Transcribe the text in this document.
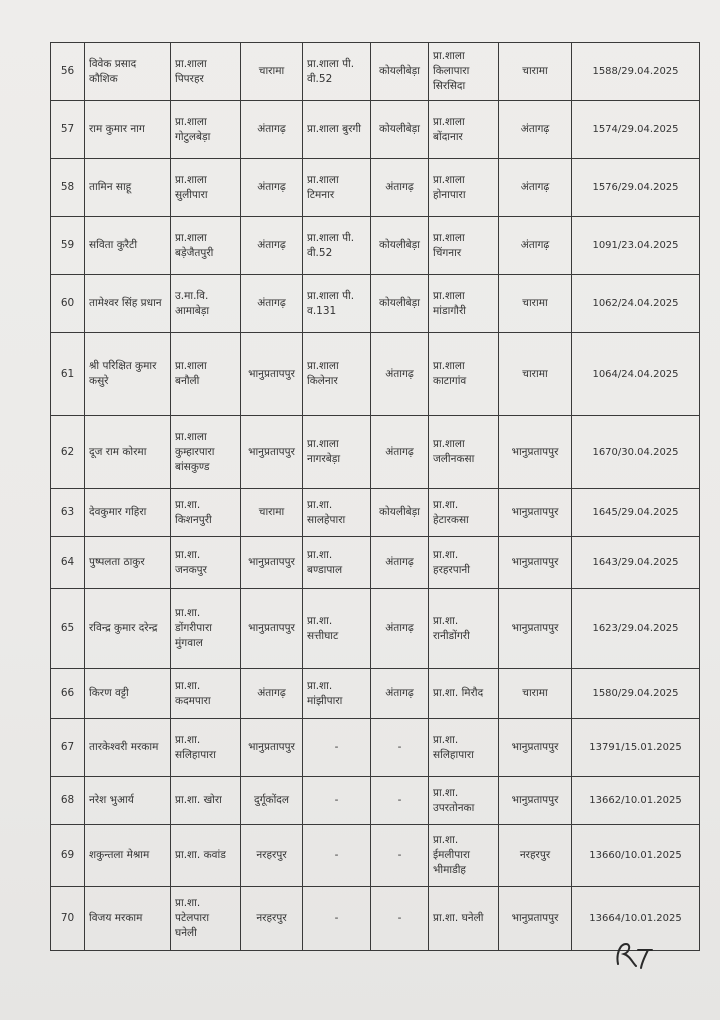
56	विवेक प्रसाद
कौशिक	प्रा.शाला
पिपरहर	चारामा	प्रा.शाला पी.
वी.52	कोयलीबेड़ा	प्रा.शाला
किलापारा
सिरसिदा	चारामा	1588/29.04.2025

57	राम कुमार नाग	प्रा.शाला
गोटुलबेड़ा	अंतागढ़	प्रा.शाला बुरगी	कोयलीबेड़ा	प्रा.शाला
बोंदानार	अंतागढ़	1574/29.04.2025

58	तामिन साहू	प्रा.शाला
सुलीपारा	अंतागढ़	प्रा.शाला
टिमनार	अंतागढ़	प्रा.शाला
होनापारा	अंतागढ़	1576/29.04.2025

59	सविता कुरैटी	प्रा.शाला
बड़ेजैतपुरी	अंतागढ़	प्रा.शाला पी.
वी.52	कोयलीबेड़ा	प्रा.शाला
चिंगनार	अंतागढ़	1091/23.04.2025

60	तामेश्वर सिंह प्रधान	उ.मा.वि.
आमाबेड़ा	अंतागढ़	प्रा.शाला पी.
व.131	कोयलीबेड़ा	प्रा.शाला
मांडागौरी	चारामा	1062/24.04.2025

61	श्री परिक्षित कुमार
कसुरे	प्रा.शाला
बनौली	भानुप्रतापपुर	प्रा.शाला
किलेनार	अंतागढ़	प्रा.शाला
काटागांव	चारामा	1064/24.04.2025

62	दूज राम कोरमा	प्रा.शाला
कुम्हारपारा
बांसकुण्ड	भानुप्रतापपुर	प्रा.शाला
नागरबेड़ा	अंतागढ़	प्रा.शाला
जलीनकसा	भानुप्रतापपुर	1670/30.04.2025

63	देवकुमार गहिरा	प्रा.शा.
किशनपुरी	चारामा	प्रा.शा.
सालहेपारा	कोयलीबेड़ा	प्रा.शा.
हेटारकसा	भानुप्रतापपुर	1645/29.04.2025

64	पुष्पलता ठाकुर	प्रा.शा.
जनकपुर	भानुप्रतापपुर	प्रा.शा.
बण्डापाल	अंतागढ़	प्रा.शा.
हरहरपानी	भानुप्रतापपुर	1643/29.04.2025

65	रविन्द्र कुमार दरेन्द्र	प्रा.शा.
डोंगरीपारा
मुंगवाल	भानुप्रतापपुर	प्रा.शा.
सत्तीघाट	अंतागढ़	प्रा.शा.
रानीडोंगरी	भानुप्रतापपुर	1623/29.04.2025

66	किरण वट्टी	प्रा.शा.
कदमपारा	अंतागढ़	प्रा.शा.
मांझीपारा	अंतागढ़	प्रा.शा. मिरौद	चारामा	1580/29.04.2025

67	तारकेश्वरी मरकाम	प्रा.शा.
सलिहापारा	भानुप्रतापपुर	-	-	प्रा.शा.
सलिहापारा	भानुप्रतापपुर	13791/15.01.2025

68	नरेश भुआर्य	प्रा.शा. खोरा	दुर्गूकोंदल	-	-	प्रा.शा.
उपरतोनका	भानुप्रतापपुर	13662/10.01.2025

69	शकुन्तला मेश्राम	प्रा.शा. कवांड	नरहरपुर	-	-	प्रा.शा.
ईमलीपारा
भीमाडीह	नरहरपुर	13660/10.01.2025

70	विजय मरकाम	प्रा.शा.
पटेलपारा
घनेली	नरहरपुर	-	-	प्रा.शा. घनेली	भानुप्रतापपुर	13664/10.01.2025
